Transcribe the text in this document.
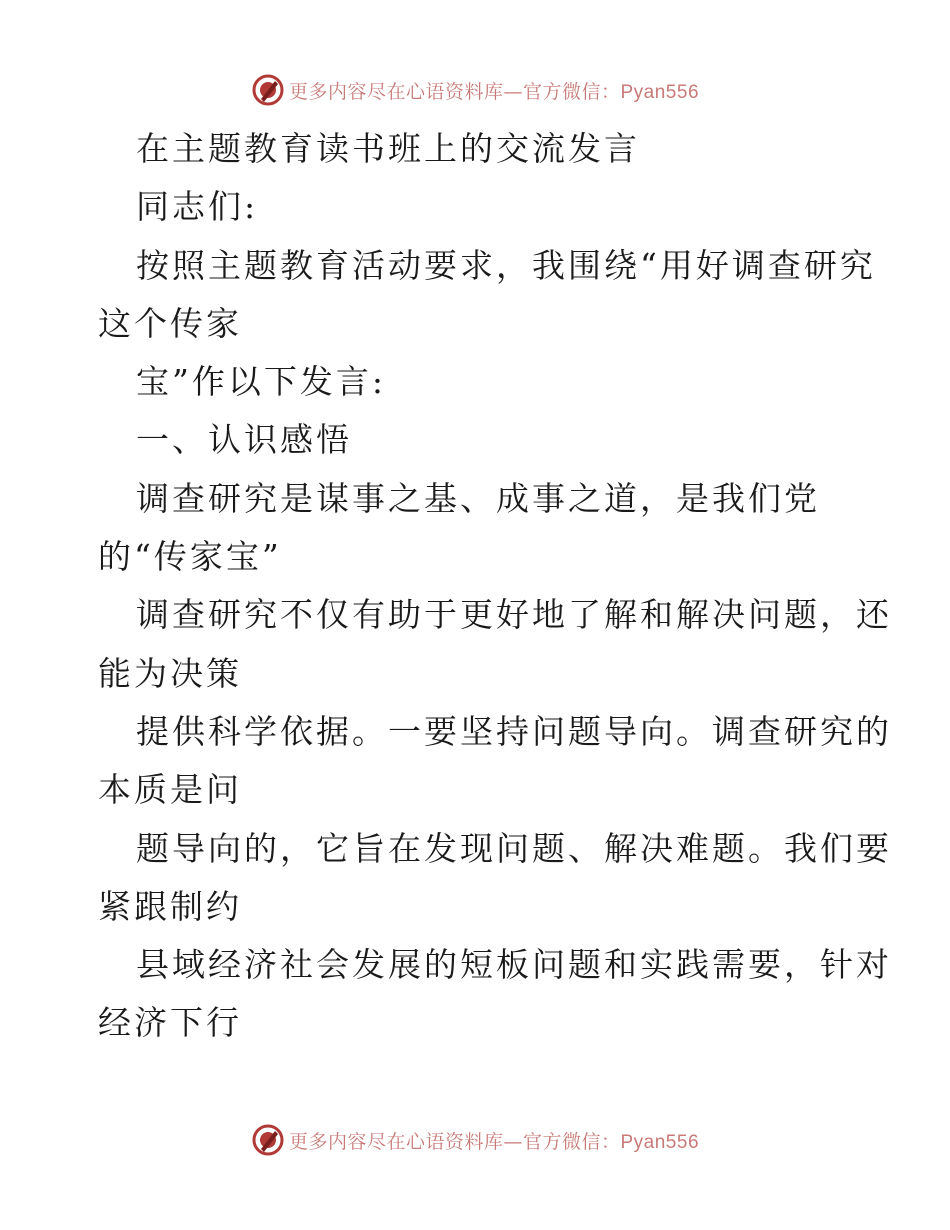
更多内容尽在心语资料库—官方微信：Pyan556
在主题教育读书班上的交流发言
同志们:
按照主题教育活动要求，我围绕“用好调查研究
这个传家
宝”作以下发言:
一、认识感悟
调查研究是谋事之基、成事之道，是我们党
的“传家宝”
调查研究不仅有助于更好地了解和解决问题，还
能为决策
提供科学依据。一要坚持问题导向。调查研究的
本质是问
题导向的，它旨在发现问题、解决难题。我们要
紧跟制约
县域经济社会发展的短板问题和实践需要，针对
经济下行
更多内容尽在心语资料库—官方微信：Pyan556
